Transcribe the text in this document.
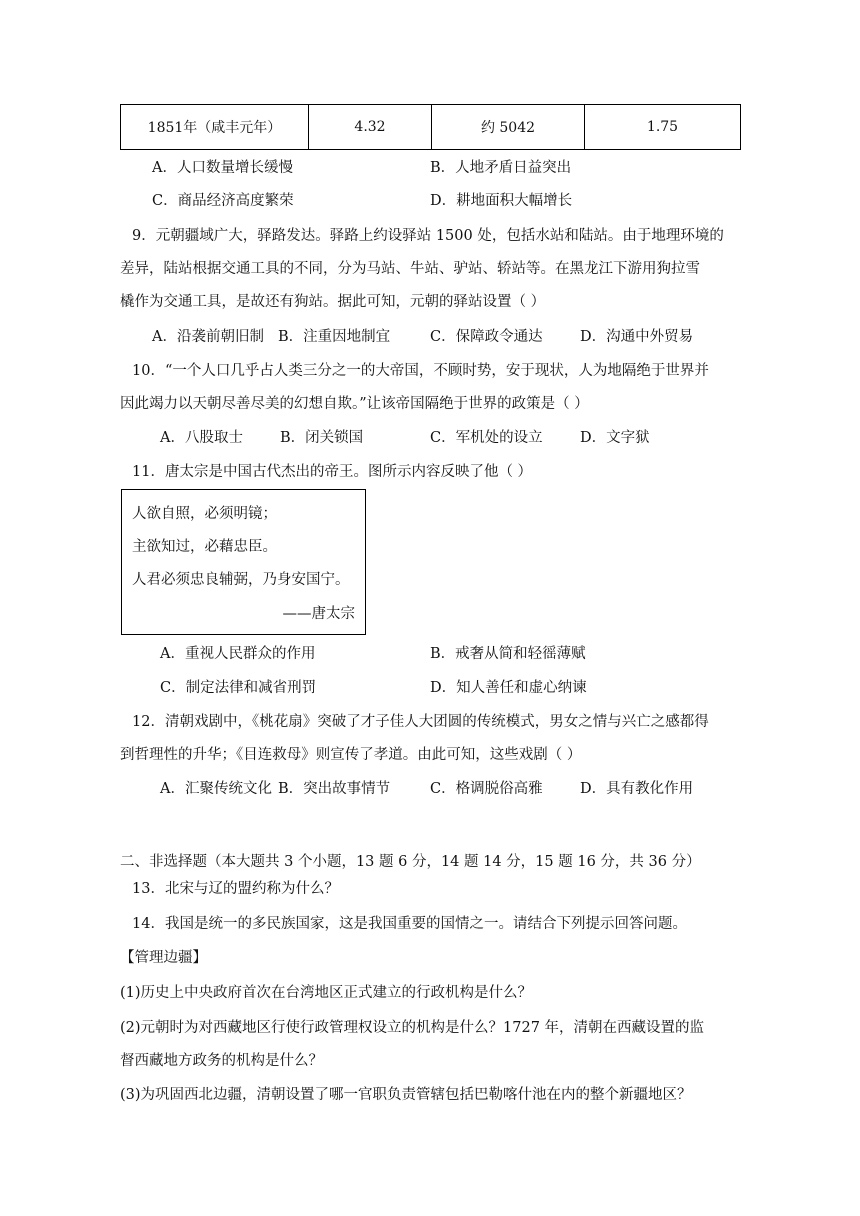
1851年（咸丰元年）	4.32	约 5042	1.75
A．人口数量增长缓慢	B．人地矛盾日益突出
C．商品经济高度繁荣	D．耕地面积大幅增长
9．元朝疆域广大，驿路发达。驿路上约设驿站 1500 处，包括水站和陆站。由于地理环境的
差异，陆站根据交通工具的不同，分为马站、牛站、驴站、轿站等。在黑龙江下游用狗拉雪
橇作为交通工具，是故还有狗站。据此可知，元朝的驿站设置（ ）
A．沿袭前朝旧制 B．注重因地制宜	C．保障政令通达	D．沟通中外贸易
10．“一个人口几乎占人类三分之一的大帝国，不顾时势，安于现状，人为地隔绝于世界并
因此竭力以天朝尽善尽美的幻想自欺。”让该帝国隔绝于世界的政策是（ ）
A．八股取士	B．闭关锁国	C．军机处的设立	D．文字狱
11．唐太宗是中国古代杰出的帝王。图所示内容反映了他（ ）
人欲自照，必须明镜；
主欲知过，必藉忠臣。
人君必须忠良辅弼，乃身安国宁。
——唐太宗
A．重视人民群众的作用	B．戒奢从简和轻徭薄赋
C．制定法律和减省刑罚	D．知人善任和虚心纳谏
12．清朝戏剧中，《桃花扇》突破了才子佳人大团圆的传统模式，男女之情与兴亡之感都得
到哲理性的升华；《目连救母》则宣传了孝道。由此可知，这些戏剧（ ）
A．汇聚传统文化 B．突出故事情节	C．格调脱俗高雅	D．具有教化作用
二、非选择题（本大题共 3 个小题，13 题 6 分，14 题 14 分，15 题 16 分，共 36 分）
13．北宋与辽的盟约称为什么？
14．我国是统一的多民族国家，这是我国重要的国情之一。请结合下列提示回答问题。
【管理边疆】
(1)历史上中央政府首次在台湾地区正式建立的行政机构是什么？
(2)元朝时为对西藏地区行使行政管理权设立的机构是什么？1727 年，清朝在西藏设置的监
督西藏地方政务的机构是什么？
(3)为巩固西北边疆，清朝设置了哪一官职负责管辖包括巴勒喀什池在内的整个新疆地区？
